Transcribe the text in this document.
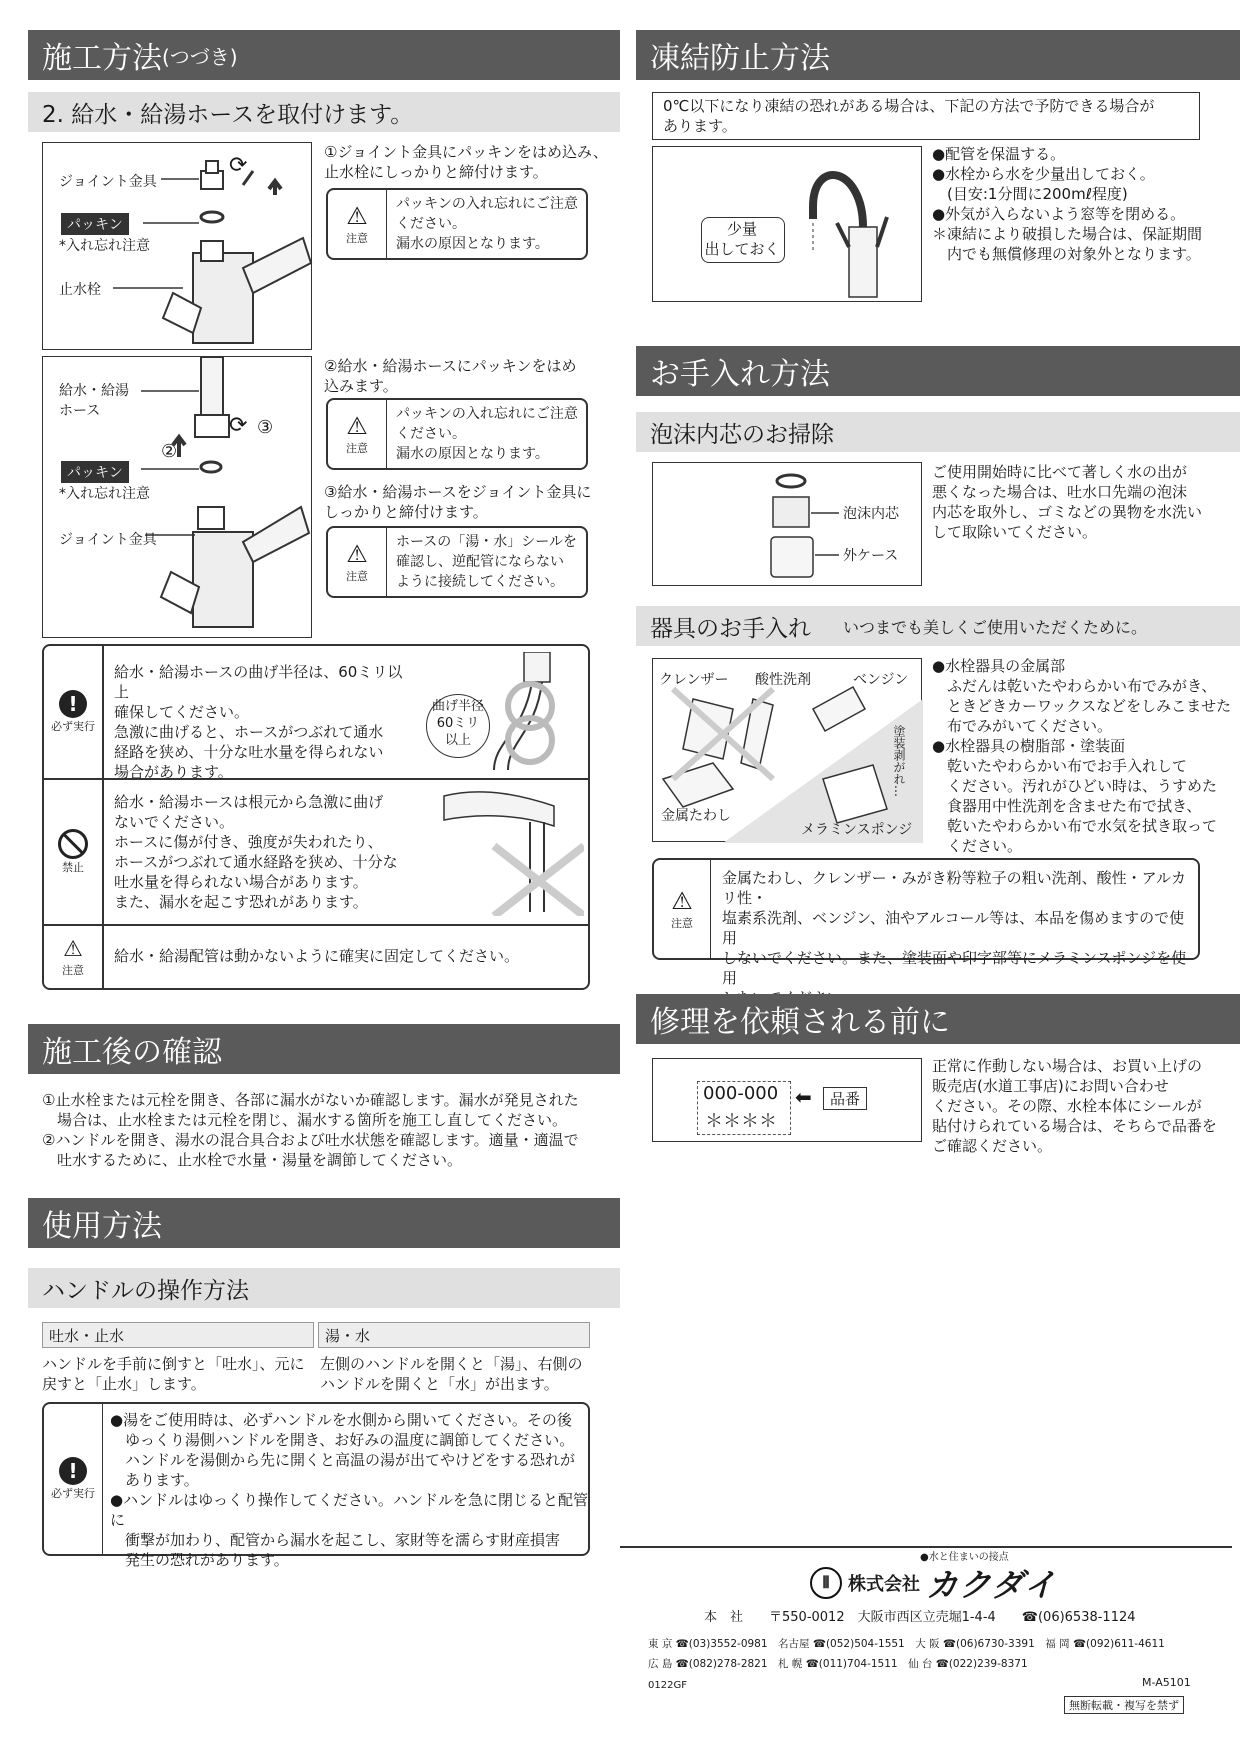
施工方法 (つづき)
2. 給水・給湯ホースを取付けます。
⟳
ジョイント金具
パッキン
*入れ忘れ注意
止水栓
①ジョイント金具にパッキンをはめ込み、
止水栓にしっかりと締付けます。
⚠
注意
パッキンの入れ忘れにご注意
ください。
漏水の原因となります。
給水・給湯
ホース
パッキン
*入れ忘れ注意
ジョイント金具
②
⟳ ③
②給水・給湯ホースにパッキンをはめ
込みます。
⚠
注意
パッキンの入れ忘れにご注意
ください。
漏水の原因となります。
③給水・給湯ホースをジョイント金具に
しっかりと締付けます。
⚠
注意
ホースの「湯・水」シールを
確認し、逆配管にならない
ように接続してください。
!
必ず実行
給水・給湯ホースの曲げ半径は、60ミリ以上
確保してください。
急激に曲げると、ホースがつぶれて通水
経路を狭め、十分な吐水量を得られない
場合があります。
曲げ半径
60ミリ
以上
禁止
給水・給湯ホースは根元から急激に曲げ
ないでください。
ホースに傷が付き、強度が失われたり、
ホースがつぶれて通水経路を狭め、十分な
吐水量を得られない場合があります。
また、漏水を起こす恐れがあります。
⚠
注意
給水・給湯配管は動かないように確実に固定してください。
施工後の確認
①止水栓または元栓を開き、各部に漏水がないか確認します。漏水が発見された
　場合は、止水栓または元栓を閉じ、漏水する箇所を施工し直してください。
②ハンドルを開き、湯水の混合具合および吐水状態を確認します。適量・適温で
　吐水するために、止水栓で水量・湯量を調節してください。
使用方法
ハンドルの操作方法
吐水・止水	湯・水
ハンドルを手前に倒すと「吐水」、元に
戻すと「止水」します。
左側のハンドルを開くと「湯」、右側の
ハンドルを開くと「水」が出ます。
!
必ず実行
●湯をご使用時は、必ずハンドルを水側から開いてください。その後
　ゆっくり湯側ハンドルを開き、お好みの温度に調節してください。
　ハンドルを湯側から先に開くと高温の湯が出てやけどをする恐れが
　あります。
●ハンドルはゆっくり操作してください。ハンドルを急に閉じると配管に
　衝撃が加わり、配管から漏水を起こし、家財等を濡らす財産損害
　発生の恐れがあります。
凍結防止方法
0℃以下になり凍結の恐れがある場合は、下記の方法で予防できる場合が
あります。
少量
出しておく
●配管を保温する。
●水栓から水を少量出しておく。
　(目安:1分間に200mℓ程度)
●外気が入らないよう窓等を閉める。
＊凍結により破損した場合は、保証期間
　内でも無償修理の対象外となります。
お手入れ方法
泡沫内芯のお掃除
泡沫内芯
外ケース
ご使用開始時に比べて著しく水の出が
悪くなった場合は、吐水口先端の泡沫
内芯を取外し、ゴミなどの異物を水洗い
して取除いてください。
器具のお手入れ いつまでも美しくご使用いただくために。
クレンザー 酸性洗剤	ベンジン
金属たわし
メラミンスポンジ
塗装剥がれ…
●水栓器具の金属部
　ふだんは乾いたやわらかい布でみがき、
　ときどきカーワックスなどをしみこませた
　布でみがいてください。
●水栓器具の樹脂部・塗装面
　乾いたやわらかい布でお手入れして
　ください。汚れがひどい時は、うすめた
　食器用中性洗剤を含ませた布で拭き、
　乾いたやわらかい布で水気を拭き取って
　ください。
⚠
注意
金属たわし、クレンザー・みがき粉等粒子の粗い洗剤、酸性・アルカリ性・
塩素系洗剤、ベンジン、油やアルコール等は、本品を傷めますので使用
しないでください。また、塗装面や印字部等にメラミンスポンジを使用

修理を依頼される前に
000-000
＊＊＊＊
⬅	品番
正常に作動しない場合は、お買い上げの
販売店(水道工事店)にお問い合わせ
ください。その際、水栓本体にシールが
貼付けられている場合は、そちらで品番を
ご確認ください。
●水と住まいの接点
⦀	株式会社 カクダイ
本　社　　〒550-0012　大阪市西区立売堀1-4-4　　☎(06)6538-1124
東 京 ☎(03)3552-0981　名古屋 ☎(052)504-1551　大 阪 ☎(06)6730-3391　福 岡 ☎(092)611-4611
広 島 ☎(082)278-2821　札 幌 ☎(011)704-1511　仙 台 ☎(022)239-8371
0122GF	M-A5101
無断転載・複写を禁ず
